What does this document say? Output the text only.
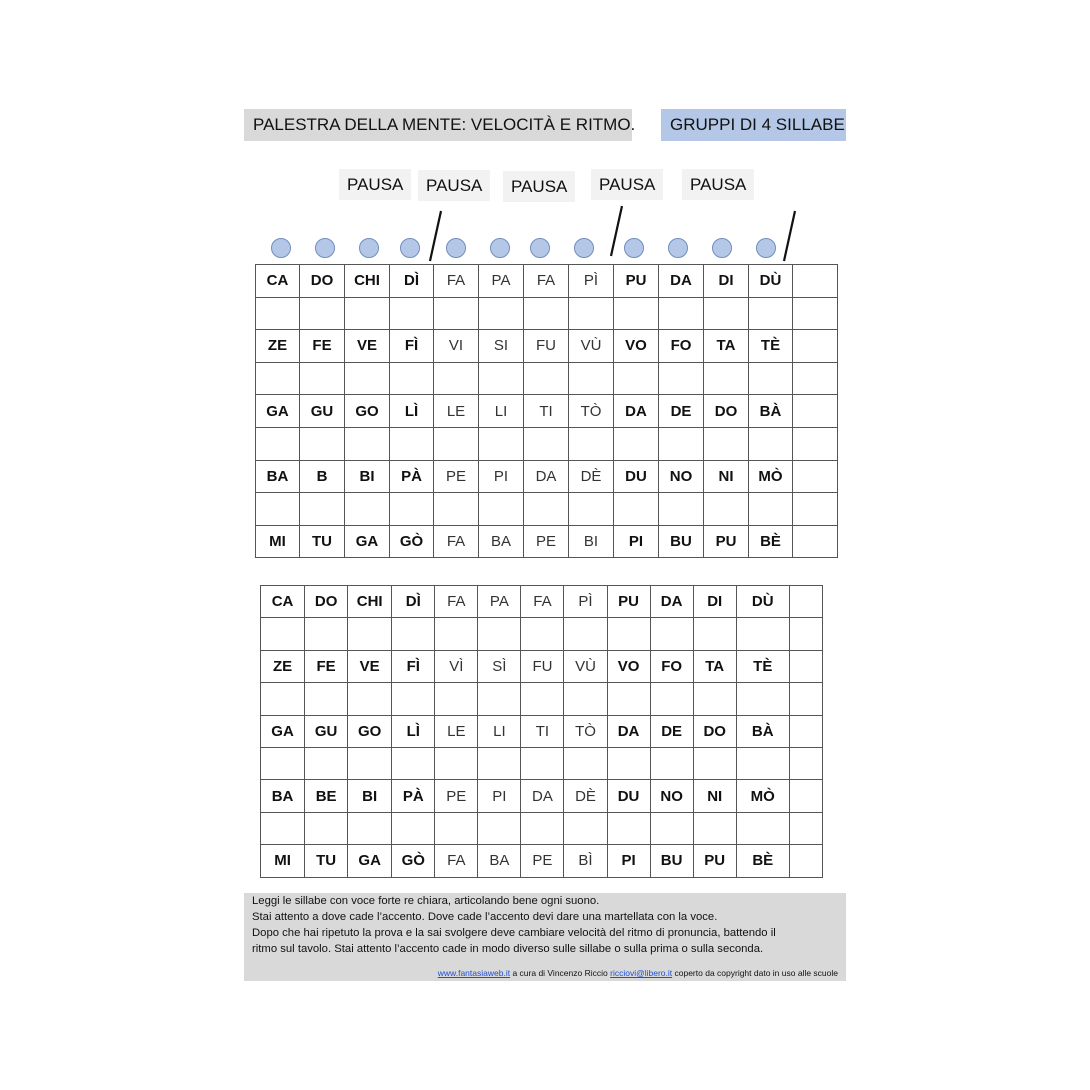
PALESTRA DELLA MENTE: VELOCITÀ E RITMO.	GRUPPI DI 4 SILLABE
PAUSA	PAUSA	PAUSA	PAUSA	PAUSA
CA	DO	CHI	DÌ	FA	PA	FA	PÌ	PU	DA	DI	DÙ	

ZE	FE	VE	FÌ	VI	SI	FU	VÙ	VO	FO	TA	TÈ	

GA	GU	GO	LÌ	LE	LI	TI	TÒ	DA	DE	DO	BÀ	

BA	B	BI	PÀ	PE	PI	DA	DÈ	DU	NO	NI	MÒ	

MI	TU	GA	GÒ	FA	BA	PE	BI	PI	BU	PU	BÈ	
CA	DO	CHI	DÌ	FA	PA	FA	PÌ	PU	DA	DI	DÙ	

ZE	FE	VE	FÌ	VÌ	SÌ	FU	VÙ	VO	FO	TA	TÈ	

GA	GU	GO	LÌ	LE	LI	TI	TÒ	DA	DE	DO	BÀ	

BA	BE	BI	PÀ	PE	PI	DA	DÈ	DU	NO	NI	MÒ	

MI	TU	GA	GÒ	FA	BA	PE	BÌ	PI	BU	PU	BÈ	

Leggi le sillabe con voce forte re chiara, articolando bene ogni suono.

Stai attento a dove cade l’accento. Dove cade l’accento devi dare una martellata con la voce.

Dopo che hai ripetuto la prova e la sai svolgere deve cambiare velocità del ritmo di pronuncia, battendo il

ritmo sul tavolo. Stai attento l’accento cade in modo diverso sulle sillabe o sulla prima o sulla seconda.

www.fantasiaweb.it a cura di Vincenzo Riccio ricciovi@libero.it coperto da copyright dato in uso alle scuole
